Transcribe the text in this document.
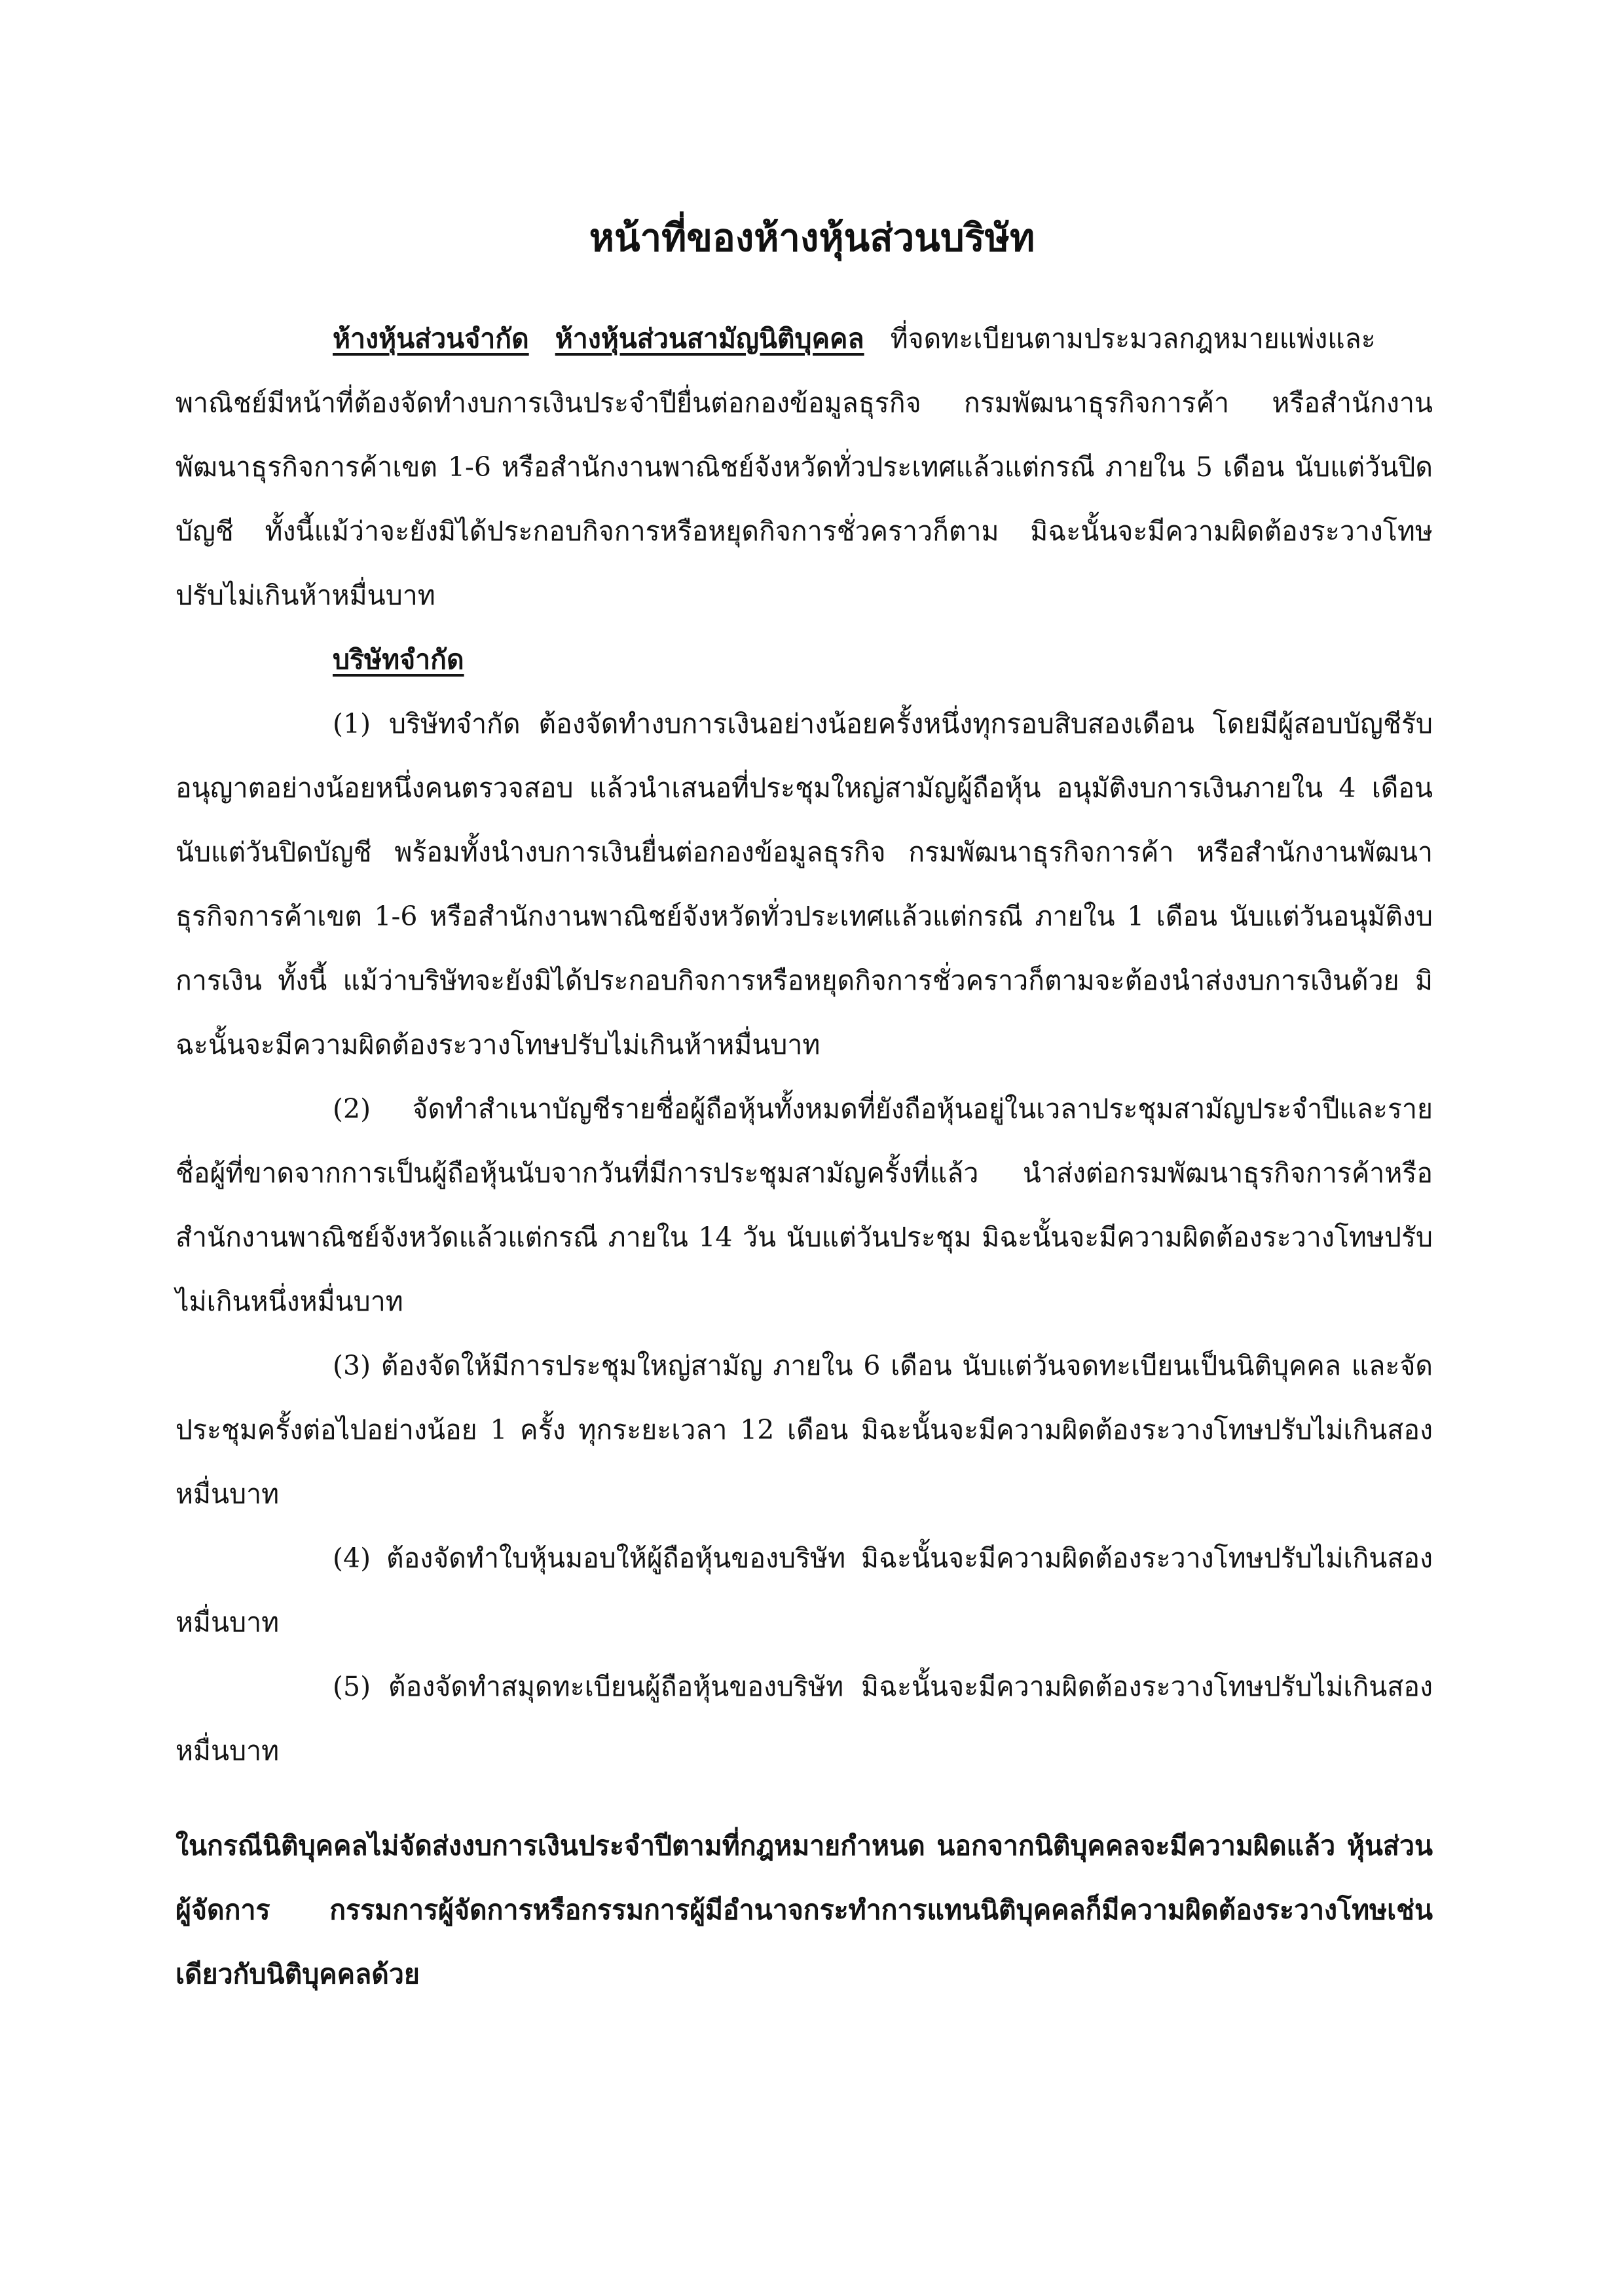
หน้าที่ของห้างหุ้นส่วนบริษัท

ห้างหุ้นส่วนจำกัด ห้างหุ้นส่วนสามัญนิติบุคคล ที่จดทะเบียนตามประมวลกฎหมายแพ่งและพาณิชย์มีหน้าที่ต้องจัดทำงบการเงินประจำปียื่นต่อกองข้อมูลธุรกิจ กรมพัฒนาธุรกิจการค้า หรือสำนักงานพัฒนาธุรกิจการค้าเขต 1-6 หรือสำนักงานพาณิชย์จังหวัดทั่วประเทศแล้วแต่กรณี ภายใน 5 เดือน นับแต่วันปิดบัญชี ทั้งนี้แม้ว่าจะยังมิได้ประกอบกิจการหรือหยุดกิจการชั่วคราวก็ตาม มิฉะนั้นจะมีความผิดต้องระวางโทษปรับไม่เกินห้าหมื่นบาท

บริษัทจำกัด

(1) บริษัทจำกัด ต้องจัดทำงบการเงินอย่างน้อยครั้งหนึ่งทุกรอบสิบสองเดือน โดยมีผู้สอบบัญชีรับอนุญาตอย่างน้อยหนึ่งคนตรวจสอบ แล้วนำเสนอที่ประชุมใหญ่สามัญผู้ถือหุ้น อนุมัติงบการเงินภายใน 4 เดือนนับแต่วันปิดบัญชี พร้อมทั้งนำงบการเงินยื่นต่อกองข้อมูลธุรกิจ กรมพัฒนาธุรกิจการค้า หรือสำนักงานพัฒนาธุรกิจการค้าเขต 1-6 หรือสำนักงานพาณิชย์จังหวัดทั่วประเทศแล้วแต่กรณี ภายใน 1 เดือน นับแต่วันอนุมัติงบการเงิน ทั้งนี้ แม้ว่าบริษัทจะยังมิได้ประกอบกิจการหรือหยุดกิจการชั่วคราวก็ตามจะต้องนำส่งงบการเงินด้วย มิฉะนั้นจะมีความผิดต้องระวางโทษปรับไม่เกินห้าหมื่นบาท

(2) จัดทำสำเนาบัญชีรายชื่อผู้ถือหุ้นทั้งหมดที่ยังถือหุ้นอยู่ในเวลาประชุมสามัญประจำปีและรายชื่อผู้ที่ขาดจากการเป็นผู้ถือหุ้นนับจากวันที่มีการประชุมสามัญครั้งที่แล้ว นำส่งต่อกรมพัฒนาธุรกิจการค้าหรือสำนักงานพาณิชย์จังหวัดแล้วแต่กรณี ภายใน 14 วัน นับแต่วันประชุม มิฉะนั้นจะมีความผิดต้องระวางโทษปรับไม่เกินหนึ่งหมื่นบาท

(3) ต้องจัดให้มีการประชุมใหญ่สามัญ ภายใน 6 เดือน นับแต่วันจดทะเบียนเป็นนิติบุคคล และจัดประชุมครั้งต่อไปอย่างน้อย 1 ครั้ง ทุกระยะเวลา 12 เดือน มิฉะนั้นจะมีความผิดต้องระวางโทษปรับไม่เกินสองหมื่นบาท

(4) ต้องจัดทำใบหุ้นมอบให้ผู้ถือหุ้นของบริษัท มิฉะนั้นจะมีความผิดต้องระวางโทษปรับไม่เกินสองหมื่นบาท

(5) ต้องจัดทำสมุดทะเบียนผู้ถือหุ้นของบริษัท มิฉะนั้นจะมีความผิดต้องระวางโทษปรับไม่เกินสองหมื่นบาท

ในกรณีนิติบุคคลไม่จัดส่งงบการเงินประจำปีตามที่กฎหมายกำหนด นอกจากนิติบุคคลจะมีความผิดแล้ว หุ้นส่วนผู้จัดการ กรรมการผู้จัดการหรือกรรมการผู้มีอำนาจกระทำการแทนนิติบุคคลก็มีความผิดต้องระวางโทษเช่นเดียวกับนิติบุคคลด้วย
